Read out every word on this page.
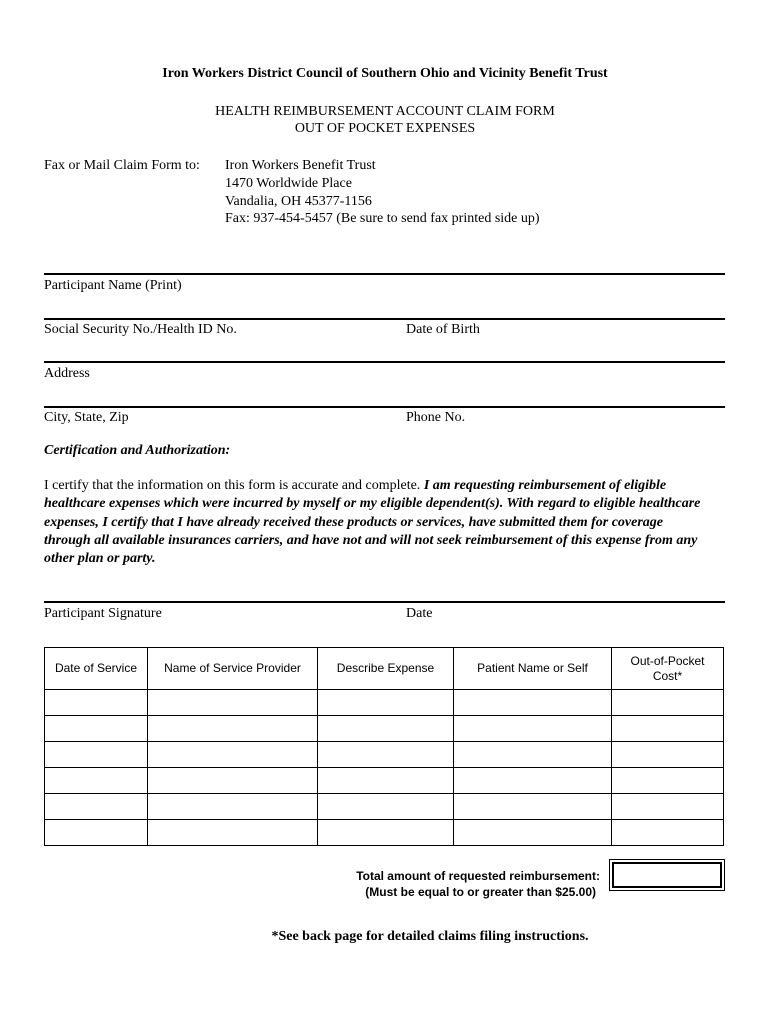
Iron Workers District Council of Southern Ohio and Vicinity Benefit Trust
HEALTH REIMBURSEMENT ACCOUNT CLAIM FORM
OUT OF POCKET EXPENSES
Fax or Mail Claim Form to: Iron Workers Benefit Trust
1470 Worldwide Place
Vandalia, OH 45377-1156
Fax: 937-454-5457 (Be sure to send fax printed side up)
Participant Name (Print)
Social Security No./Health ID No.	Date of Birth
Address
City, State, Zip	Phone No.
Certification and Authorization:
I certify that the information on this form is accurate and complete. I am requesting reimbursement of eligible healthcare expenses which were incurred by myself or my eligible dependent(s). With regard to eligible healthcare expenses, I certify that I have already received these products or services, have submitted them for coverage through all available insurances carriers, and have not and will not seek reimbursement of this expense from any other plan or party.
Participant Signature	Date
Date of Service	Name of Service Provider	Describe Expense	Patient Name or Self	Out-of-Pocket Cost*

Total amount of requested reimbursement:
(Must be equal to or greater than $25.00)
*See back page for detailed claims filing instructions.
